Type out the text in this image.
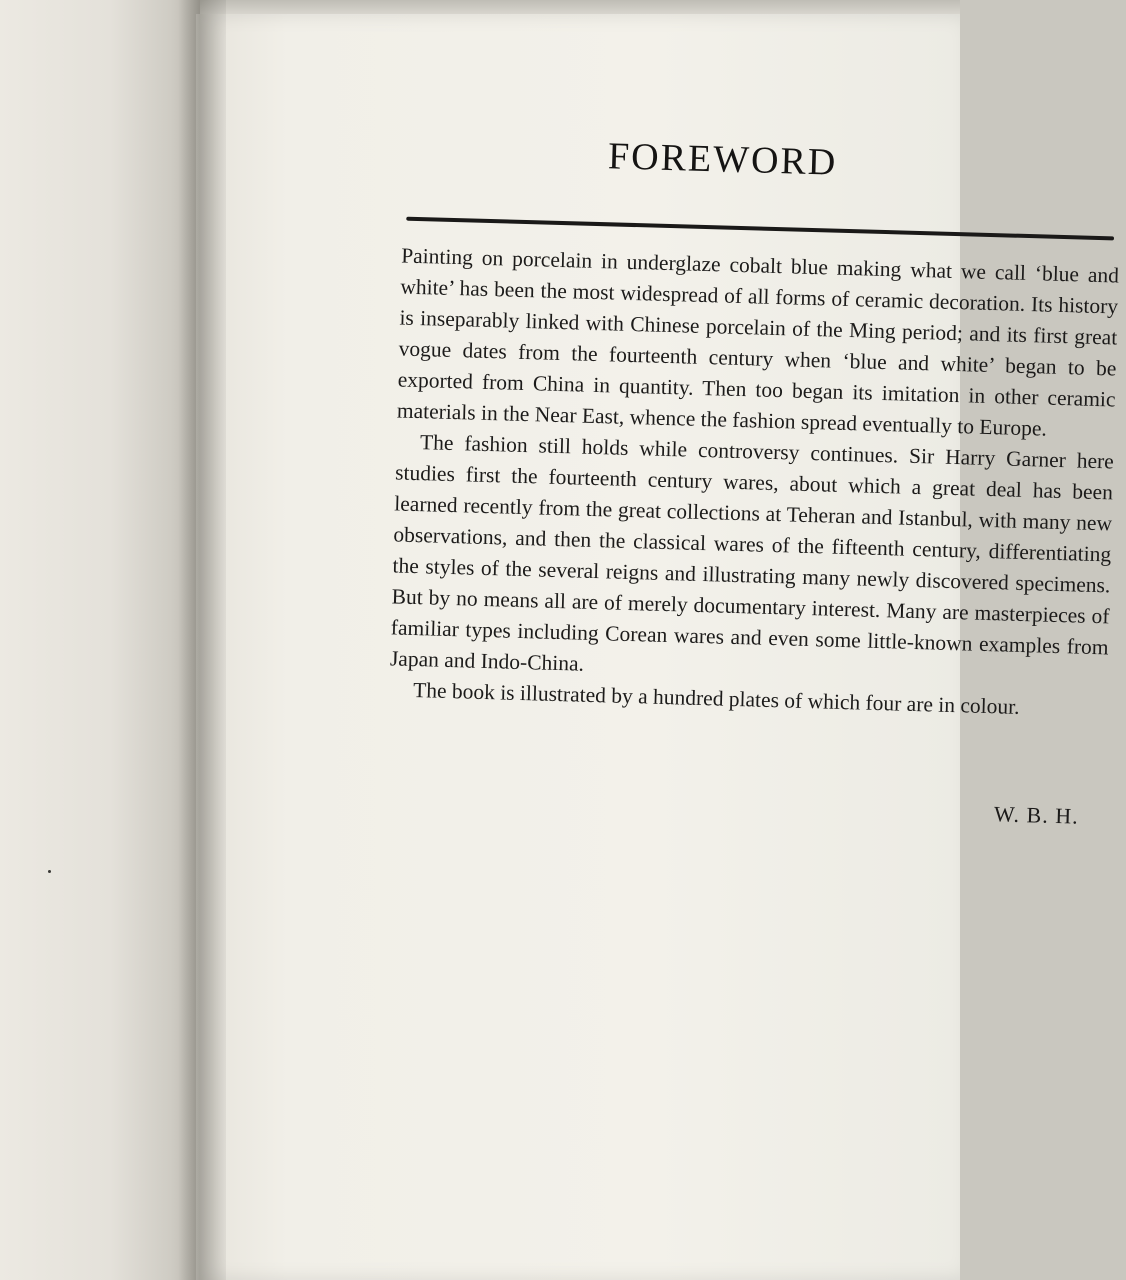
FOREWORD

Painting on porcelain in underglaze cobalt blue making what we call ‘blue and white’ has been the most widespread of all forms of ceramic decoration. Its history is inseparably linked with Chinese porcelain of the Ming period; and its first great vogue dates from the fourteenth century when ‘blue and white’ began to be exported from China in quantity. Then too began its imitation in other ceramic materials in the Near East, whence the fashion spread eventually to Europe.

The fashion still holds while controversy continues. Sir Harry Garner here studies first the fourteenth century wares, about which a great deal has been learned recently from the great collections at Teheran and Istanbul, with many new observations, and then the classical wares of the fifteenth century, differentiating the styles of the several reigns and illustrating many newly discovered specimens. But by no means all are of merely documentary interest. Many are masterpieces of familiar types including Corean wares and even some little-known examples from Japan and Indo-China.

The book is illustrated by a hundred plates of which four are in colour.

W. B. H.
